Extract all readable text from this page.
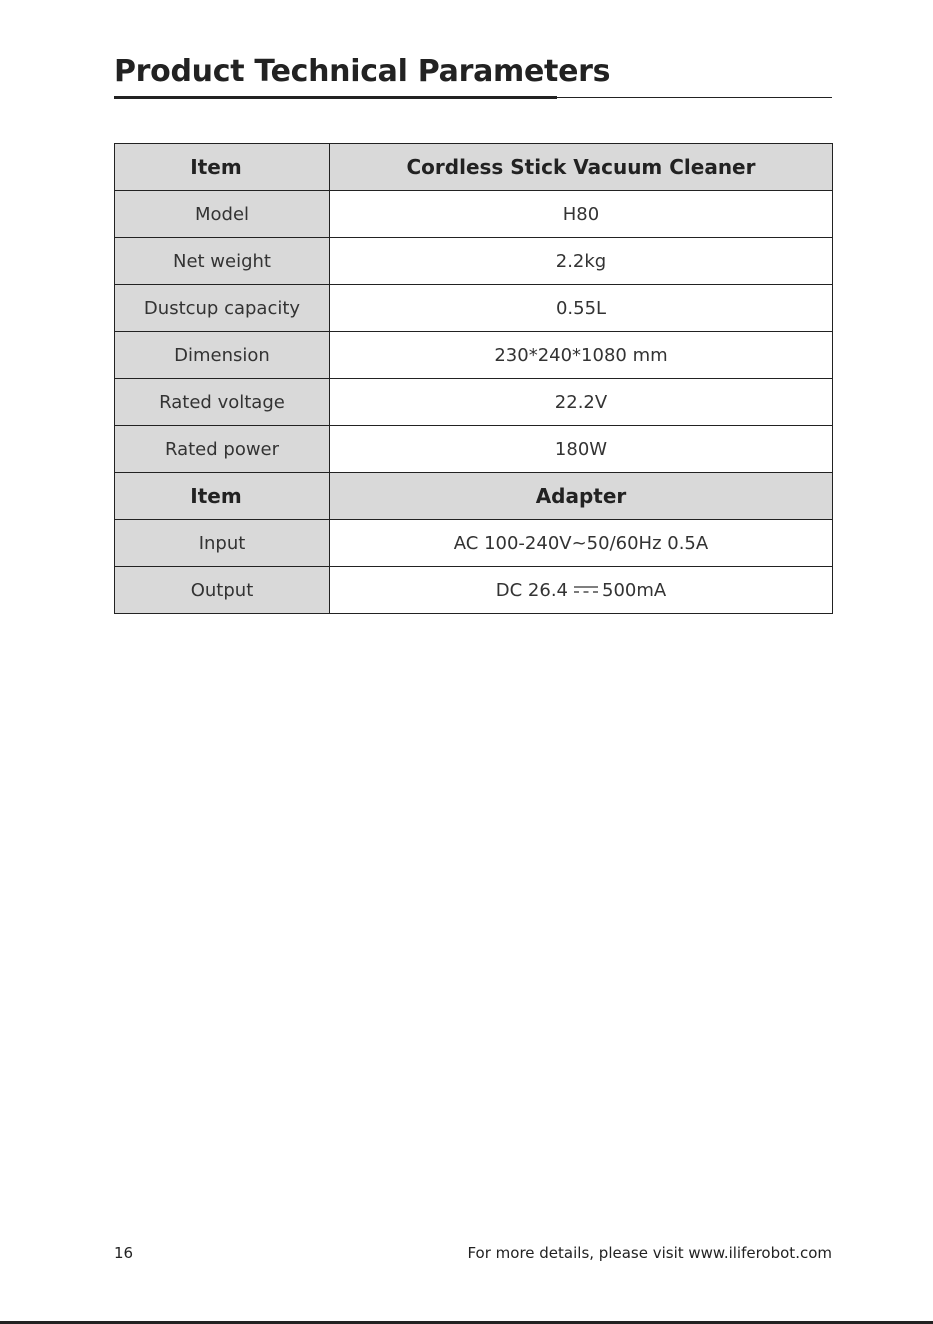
Product Technical Parameters
Item	Cordless Stick Vacuum Cleaner
Model	H80
Net weight	2.2kg
Dustcup capacity	0.55L
Dimension	230*240*1080 mm
Rated voltage	22.2V
Rated power	180W
Item	Adapter
Input	AC 100-240V~50/60Hz 0.5A
Output	DC 26.4 500mA
16	For more details, please visit www.iliferobot.com
